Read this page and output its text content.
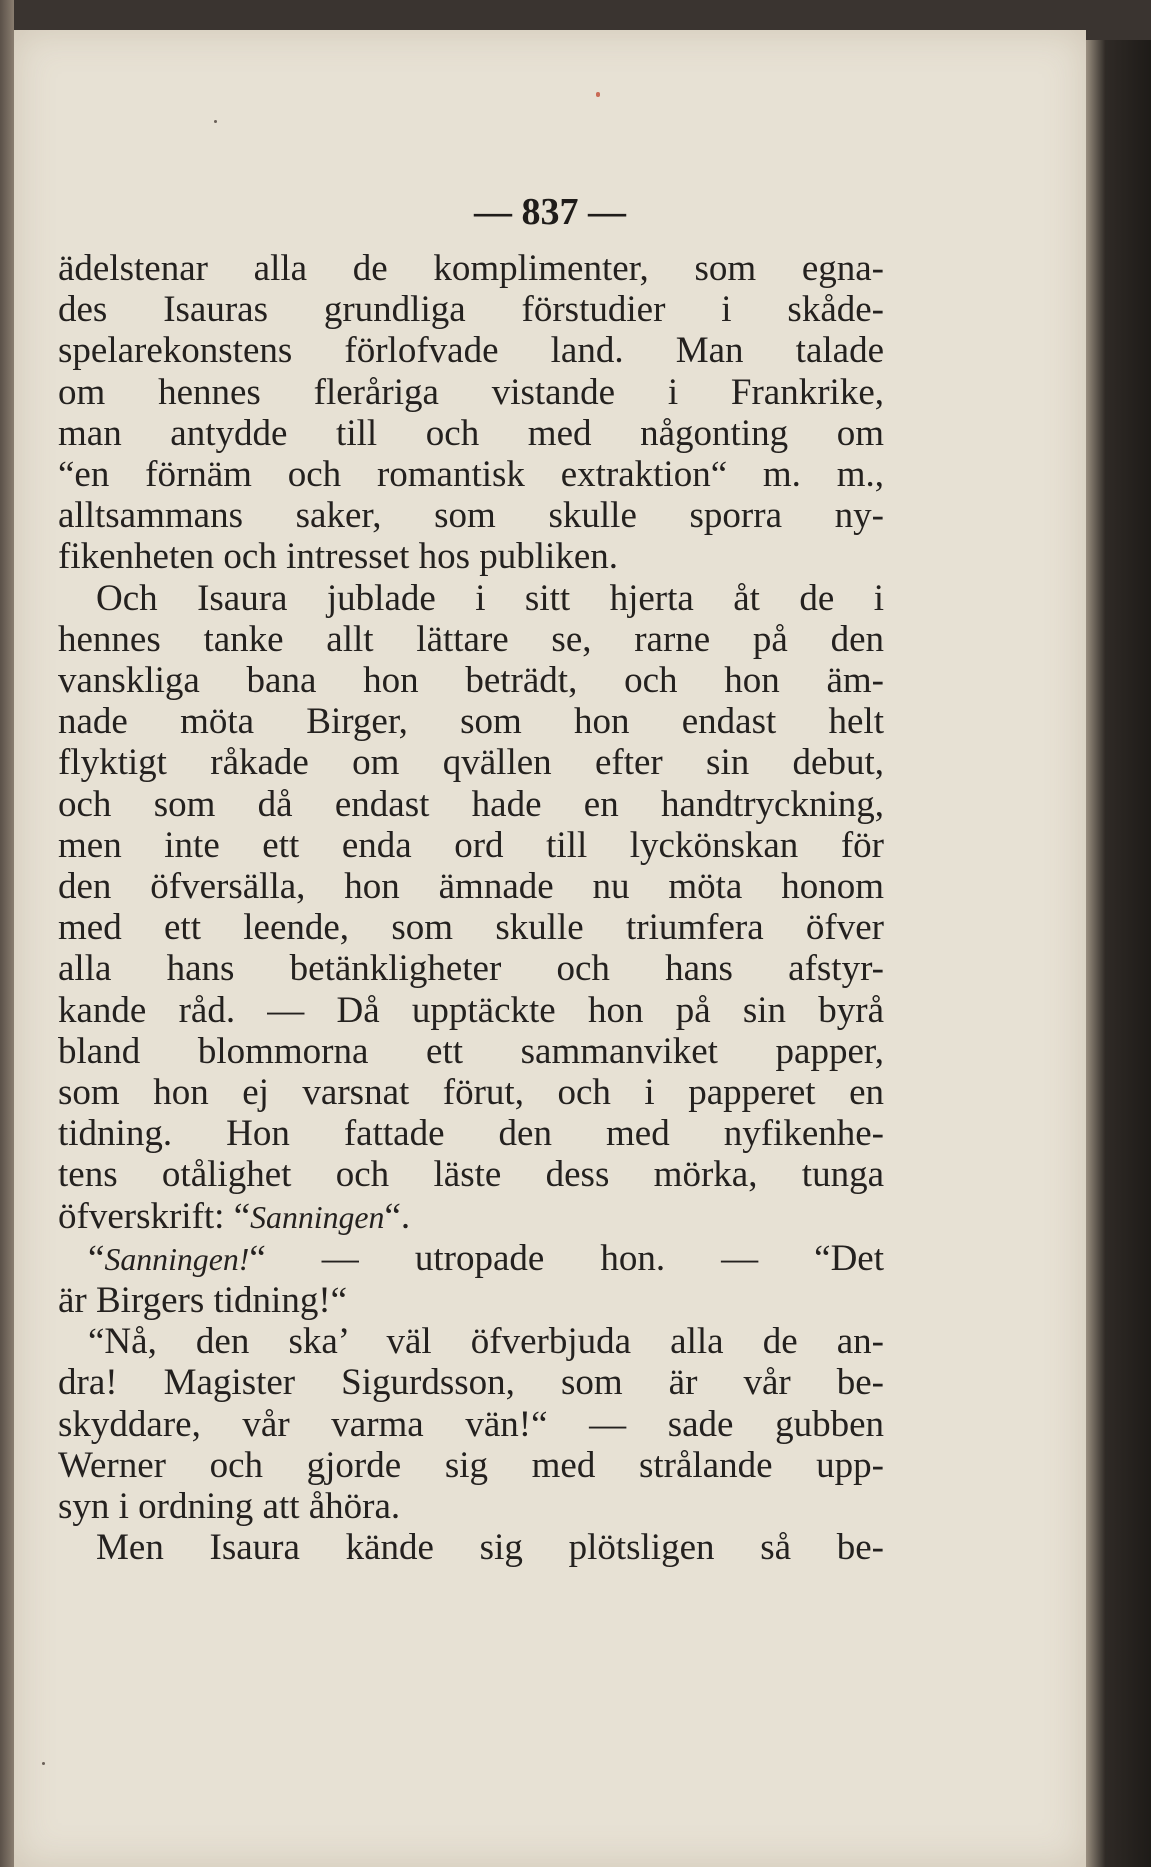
— 837 —

ädelstenar alla de komplimenter, som egna-
des Isauras grundliga förstudier i skåde-
spelarekonstens förlofvade land. Man talade
om hennes fleråriga vistande i Frankrike,
man antydde till och med någonting om
“en förnäm och romantisk extraktion“ m. m.,
alltsammans saker, som skulle sporra ny-
fikenheten och intresset hos publiken.
Och Isaura jublade i sitt hjerta åt de i
hennes tanke allt lättare se, rarne på den
vanskliga bana hon beträdt, och hon äm-
nade möta Birger, som hon endast helt
flyktigt råkade om qvällen efter sin debut,
och som då endast hade en handtryckning,
men inte ett enda ord till lyckönskan för
den öfversälla, hon ämnade nu möta honom
med ett leende, som skulle triumfera öfver
alla hans betänkligheter och hans afstyr-
kande råd. — Då upptäckte hon på sin byrå
bland blommorna ett sammanviket papper,
som hon ej varsnat förut, och i papperet en
tidning. Hon fattade den med nyfikenhe-
tens otålighet och läste dess mörka, tunga
öfverskrift: “Sanningen“.
“Sanningen!“ — utropade hon. — “Det
är Birgers tidning!“
“Nå, den ska’ väl öfverbjuda alla de an-
dra! Magister Sigurdsson, som är vår be-
skyddare, vår varma vän!“ — sade gubben
Werner och gjorde sig med strålande upp-
syn i ordning att åhöra.
Men Isaura kände sig plötsligen så be-
